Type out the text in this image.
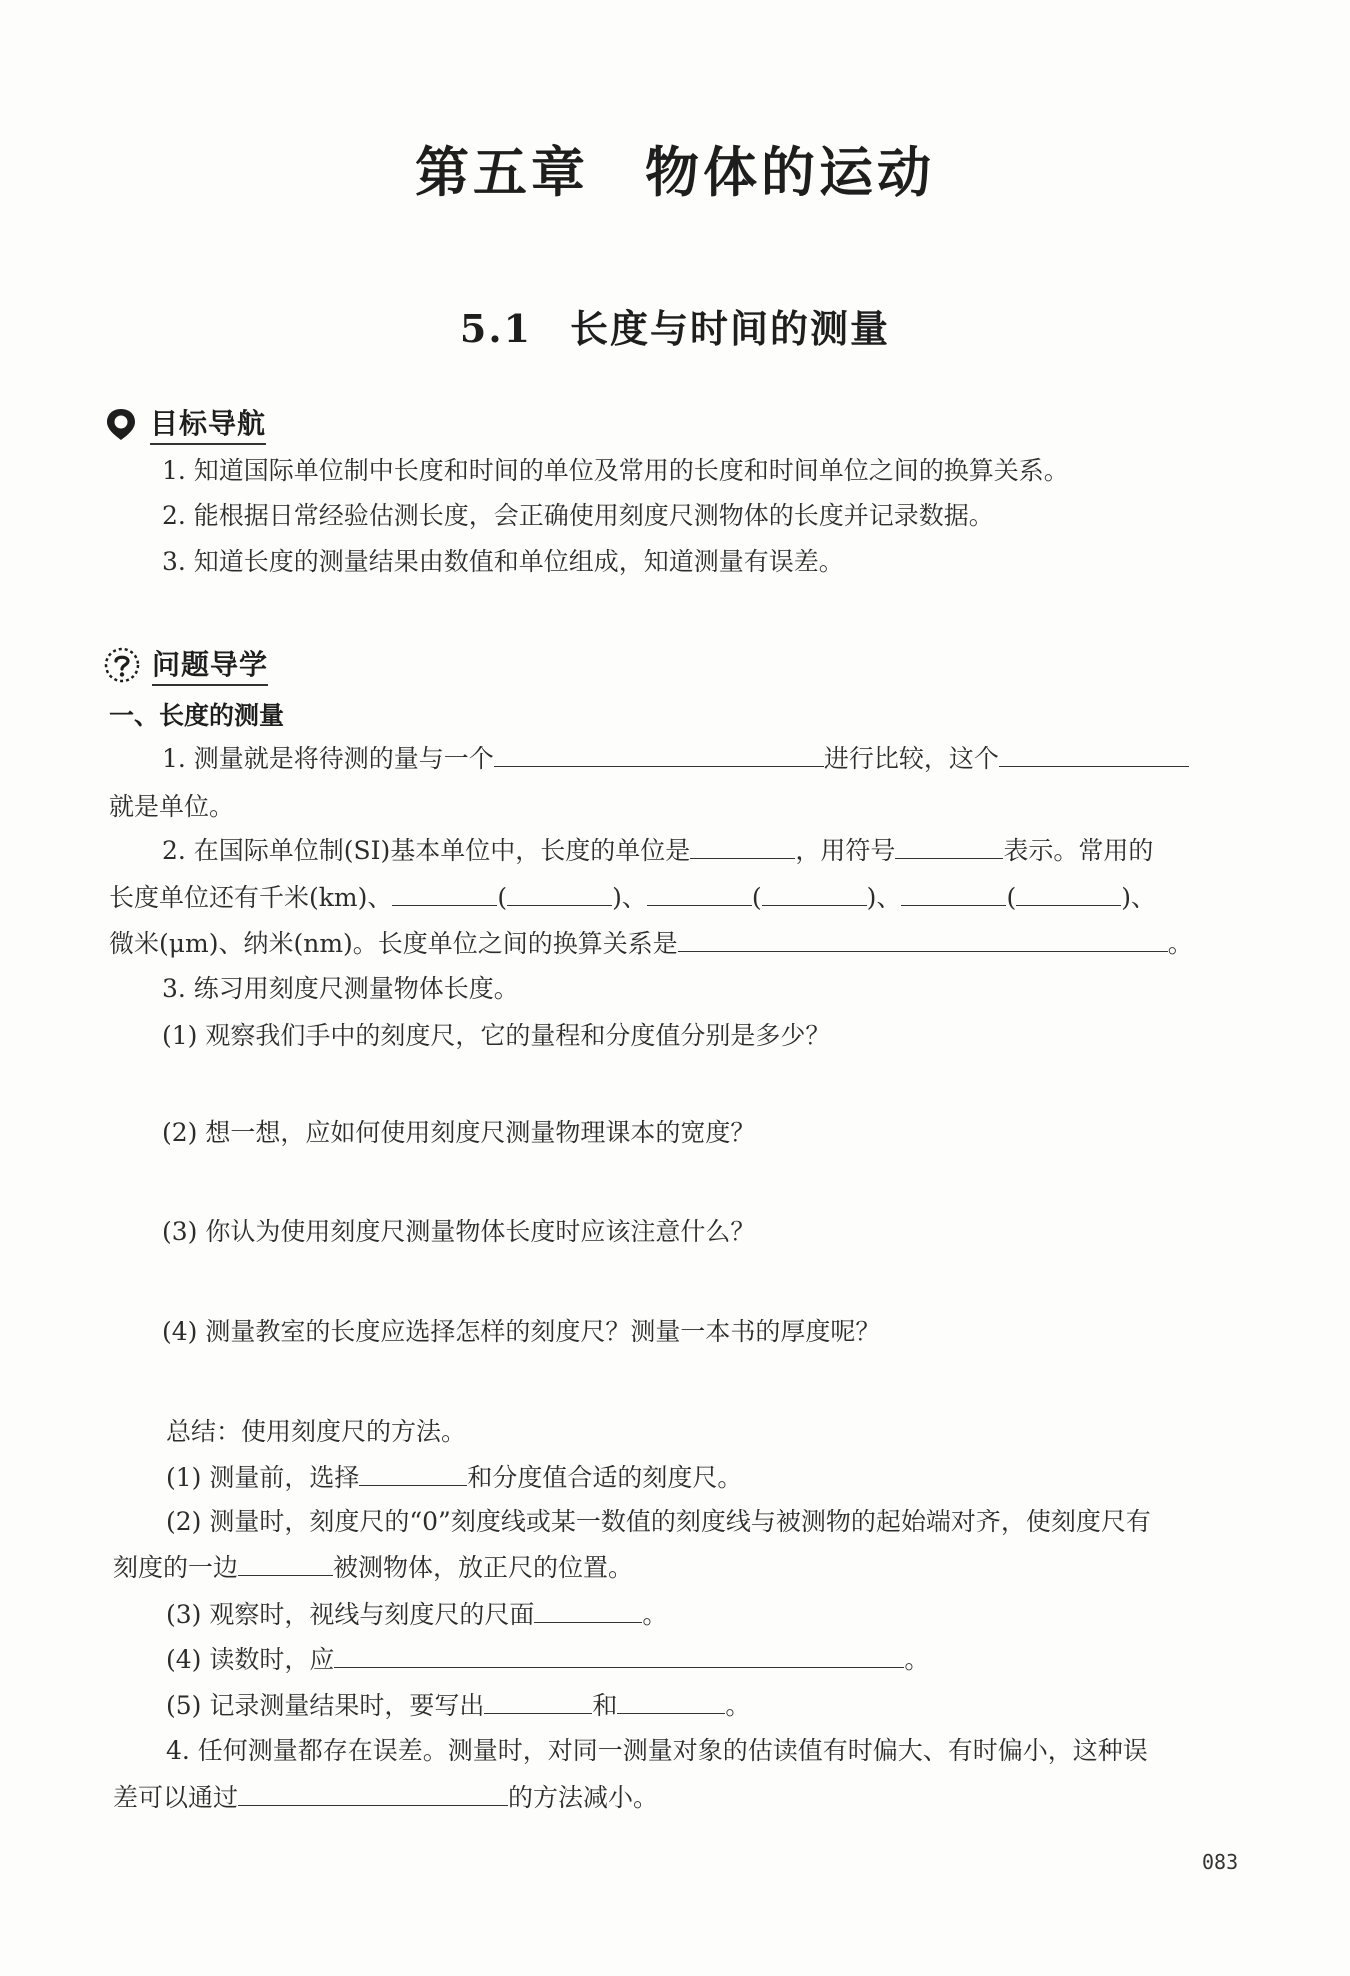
第五章 物体的运动
5.1 长度与时间的测量
目标导航
1. 知道国际单位制中长度和时间的单位及常用的长度和时间单位之间的换算关系。
2. 能根据日常经验估测长度，会正确使用刻度尺测物体的长度并记录数据。
3. 知道长度的测量结果由数值和单位组成，知道测量有误差。
问题导学
一、长度的测量
1. 测量就是将待测的量与一个	进行比较，这个
就是单位。
2. 在国际单位制(SI)基本单位中，长度的单位是	，用符号	表示。常用的
长度单位还有千米(km)、	(	)、	(	)、	(	)、
微米(μm)、纳米(nm)。长度单位之间的换算关系是	。
3. 练习用刻度尺测量物体长度。
(1) 观察我们手中的刻度尺，它的量程和分度值分别是多少？
(2) 想一想，应如何使用刻度尺测量物理课本的宽度？
(3) 你认为使用刻度尺测量物体长度时应该注意什么？
(4) 测量教室的长度应选择怎样的刻度尺？测量一本书的厚度呢？
总结：使用刻度尺的方法。
(1) 测量前，选择	和分度值合适的刻度尺。
(2) 测量时，刻度尺的“0”刻度线或某一数值的刻度线与被测物的起始端对齐，使刻度尺有
刻度的一边	被测物体，放正尺的位置。
(3) 观察时，视线与刻度尺的尺面	。
(4) 读数时，应	。
(5) 记录测量结果时，要写出	和	。
4. 任何测量都存在误差。测量时，对同一测量对象的估读值有时偏大、有时偏小，这种误
差可以通过	的方法减小。
083
